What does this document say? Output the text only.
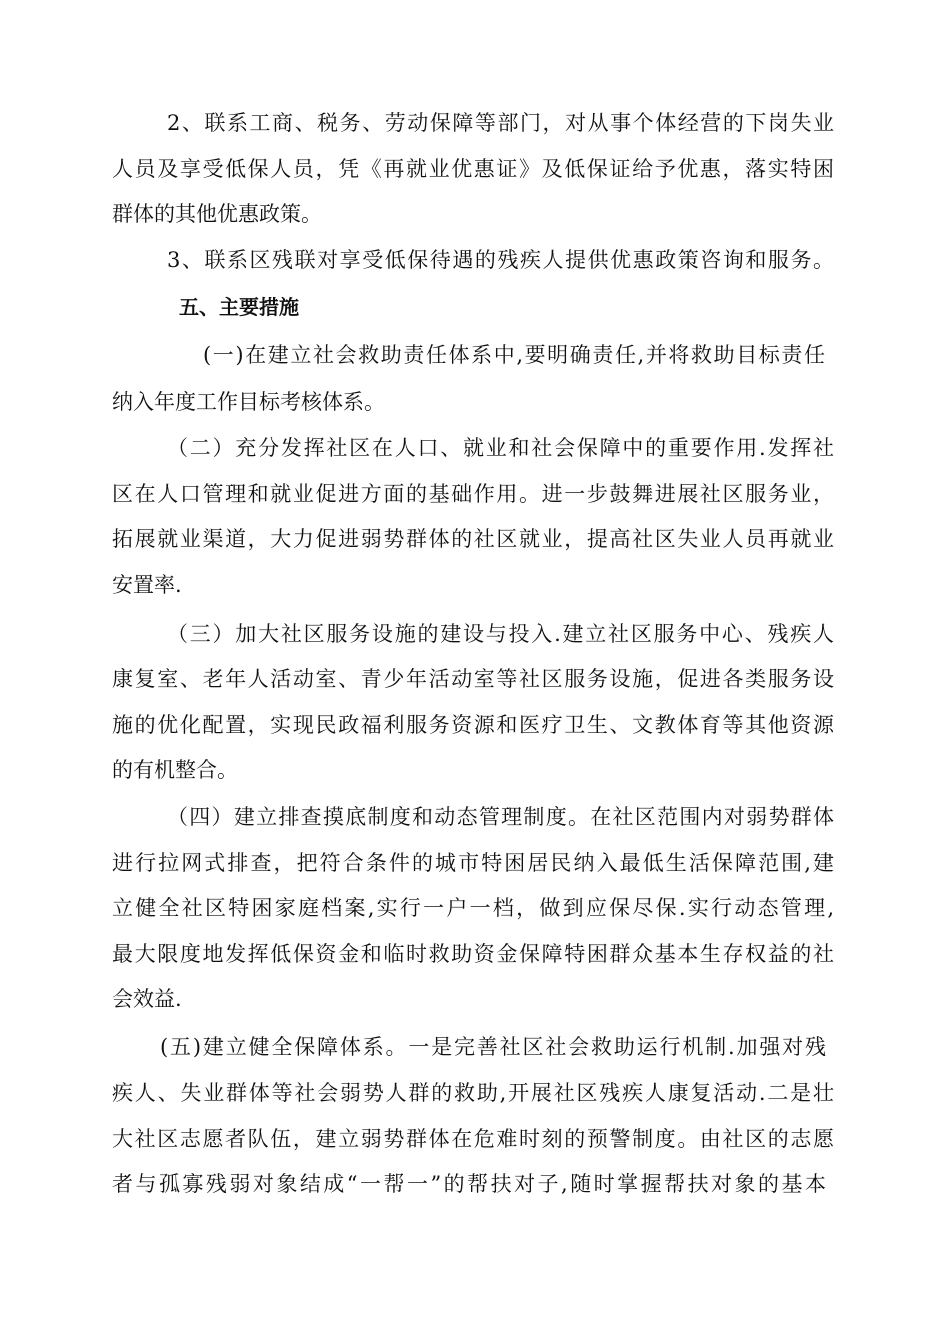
2、联系工商、税务、劳动保障等部门，对从事个体经营的下岗失业
人员及享受低保人员，凭《再就业优惠证》及低保证给予优惠，落实特困
群体的其他优惠政策。
3、联系区残联对享受低保待遇的残疾人提供优惠政策咨询和服务。
五、主要措施
(一)在建立社会救助责任体系中,要明确责任,并将救助目标责任
纳入年度工作目标考核体系。
（二）充分发挥社区在人口、就业和社会保障中的重要作用.发挥社
区在人口管理和就业促进方面的基础作用。进一步鼓舞进展社区服务业，
拓展就业渠道，大力促进弱势群体的社区就业，提高社区失业人员再就业
安置率.
（三）加大社区服务设施的建设与投入.建立社区服务中心、残疾人
康复室、老年人活动室、青少年活动室等社区服务设施，促进各类服务设
施的优化配置，实现民政福利服务资源和医疗卫生、文教体育等其他资源
的有机整合。
（四）建立排查摸底制度和动态管理制度。在社区范围内对弱势群体
进行拉网式排查，把符合条件的城市特困居民纳入最低生活保障范围,建
立健全社区特困家庭档案,实行一户一档，做到应保尽保.实行动态管理,
最大限度地发挥低保资金和临时救助资金保障特困群众基本生存权益的社
会效益.
(五)建立健全保障体系。一是完善社区社会救助运行机制.加强对残
疾人、失业群体等社会弱势人群的救助,开展社区残疾人康复活动.二是壮
大社区志愿者队伍，建立弱势群体在危难时刻的预警制度。由社区的志愿
者与孤寡残弱对象结成“一帮一”的帮扶对子,随时掌握帮扶对象的基本
